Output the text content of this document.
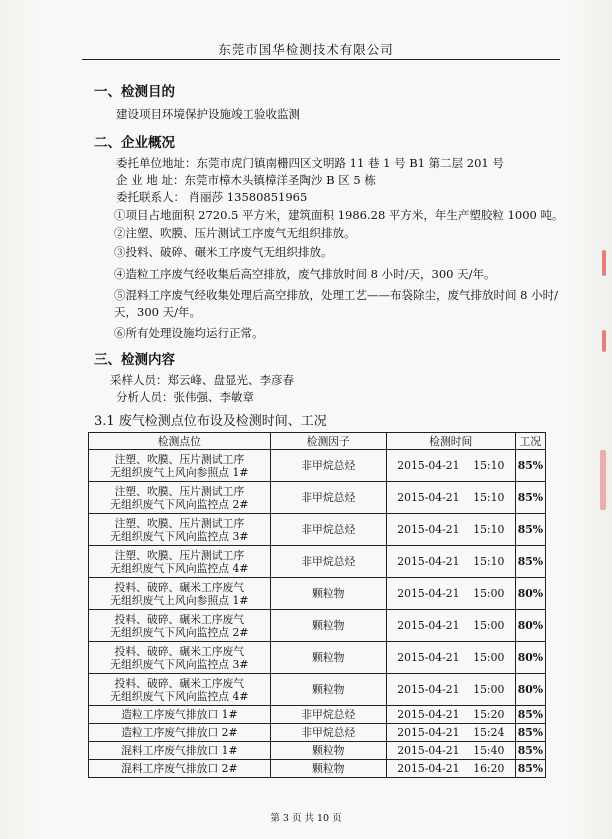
东莞市国华检测技术有限公司
一、检测目的
建设项目环境保护设施竣工验收监测
二、企业概况
委托单位地址：东莞市虎门镇南栅四区文明路 11 巷 1 号 B1 第二层 201 号
企 业 地 址：东莞市樟木头镇樟洋圣陶沙 B 区 5 栋
委托联系人： 肖丽莎 13580851965
①项目占地面积 2720.5 平方米，建筑面积 1986.28 平方米，年生产塑胶粒 1000 吨。
②注塑、吹膜、压片测试工序废气无组织排放。
③投料、破碎、碾米工序废气无组织排放。
④造粒工序废气经收集后高空排放，废气排放时间 8 小时/天，300 天/年。
⑤混料工序废气经收集处理后高空排放，处理工艺——布袋除尘，废气排放时间 8 小时/天，300 天/年。
⑥所有处理设施均运行正常。
三、检测内容
采样人员：郑云峰、盘显光、李彦春
分析人员：张伟强、李敏章
3.1 废气检测点位布设及检测时间、工况
检测点位	检测因子	检测时间	工况
注塑、吹膜、压片测试工序
无组织废气上风向参照点 1#	非甲烷总烃	2015-04-21    15:10	85%
注塑、吹膜、压片测试工序
无组织废气下风向监控点 2#	非甲烷总烃	2015-04-21    15:10	85%
注塑、吹膜、压片测试工序
无组织废气下风向监控点 3#	非甲烷总烃	2015-04-21    15:10	85%
注塑、吹膜、压片测试工序
无组织废气下风向监控点 4#	非甲烷总烃	2015-04-21    15:10	85%
投料、破碎、碾米工序废气
无组织废气上风向参照点 1#	颗粒物	2015-04-21    15:00	80%
投料、破碎、碾米工序废气
无组织废气下风向监控点 2#	颗粒物	2015-04-21    15:00	80%
投料、破碎、碾米工序废气
无组织废气下风向监控点 3#	颗粒物	2015-04-21    15:00	80%
投料、破碎、碾米工序废气
无组织废气下风向监控点 4#	颗粒物	2015-04-21    15:00	80%
造粒工序废气排放口 1#	非甲烷总烃	2015-04-21    15:20	85%
造粒工序废气排放口 2#	非甲烷总烃	2015-04-21    15:24	85%
混料工序废气排放口 1#	颗粒物	2015-04-21    15:40	85%
混料工序废气排放口 2#	颗粒物	2015-04-21    16:20	85%
第 3 页 共 10 页
